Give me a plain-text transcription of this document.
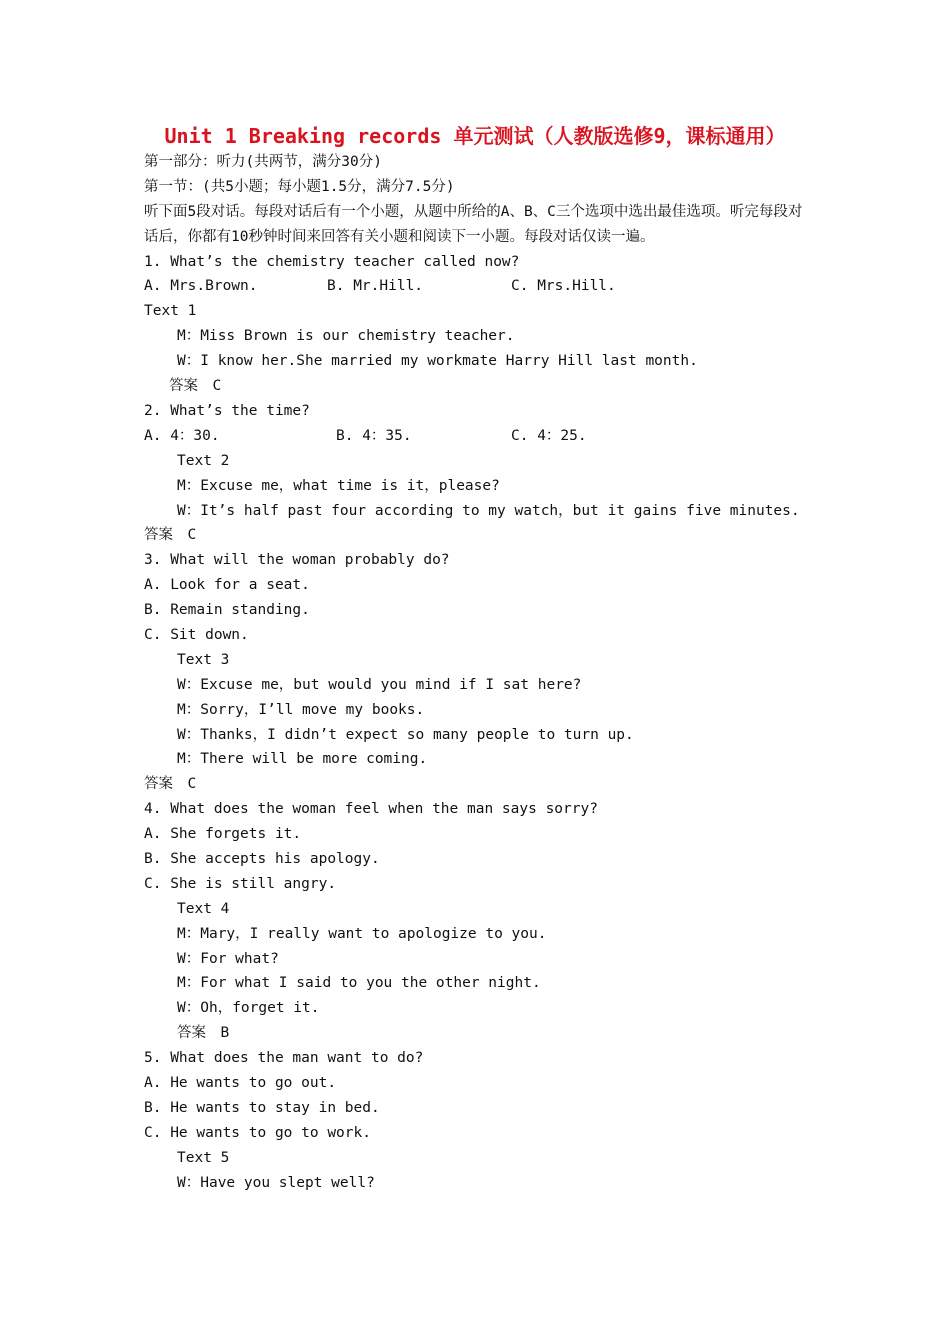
Unit 1 Breaking records 单元测试（人教版选修9，课标通用）
第一部分：听力(共两节，满分30分)
第一节：(共5小题；每小题1.5分，满分7.5分)
听下面5段对话。每段对话后有一个小题，从题中所给的A、B、C三个选项中选出最佳选项。听完每段对话后，你都有10秒钟时间来回答有关小题和阅读下一小题。每段对话仅读一遍。
1. What’s the chemistry teacher called now?
A. Mrs.Brown.	B. Mr.Hill.	C. Mrs.Hill.
Text 1
M：Miss Brown is our chemistry teacher.
W：I know her.She married my workmate Harry Hill last month.
答案　C
2. What’s the time?
A. 4：30.	B. 4：35.	C. 4：25.
Text 2
M：Excuse me，what time is it，please?
W：It’s half past four according to my watch，but it gains five minutes.
答案　C
3. What will the woman probably do?
A. Look for a seat.
B. Remain standing.
C. Sit down.
Text 3
W：Excuse me，but would you mind if I sat here?
M：Sorry，I’ll move my books.
W：Thanks，I didn’t expect so many people to turn up.
M：There will be more coming.
答案　C
4. What does the woman feel when the man says sorry?
A. She forgets it.
B. She accepts his apology.
C. She is still angry.
Text 4
M：Mary，I really want to apologize to you.
W：For what?
M：For what I said to you the other night.
W：Oh，forget it.
答案　B
5. What does the man want to do?
A. He wants to go out.
B. He wants to stay in bed.
C. He wants to go to work.
Text 5
W：Have you slept well?
